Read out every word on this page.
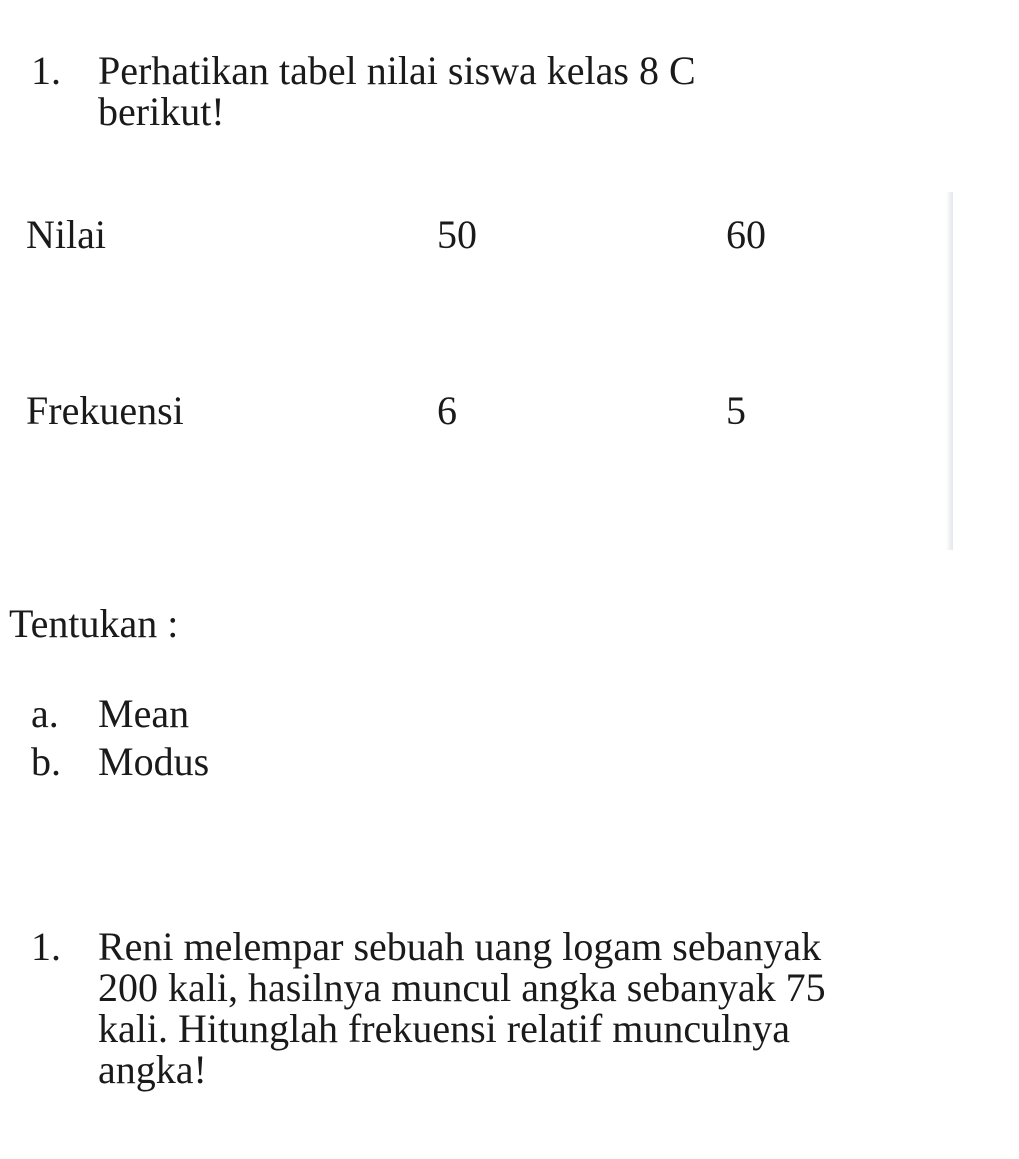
1. Perhatikan tabel nilai siswa kelas 8 C
berikut!
Nilai	50	60
Frekuensi	6	5
Tentukan :
a. Mean
b. Modus
1. Reni melempar sebuah uang logam sebanyak
200 kali, hasilnya muncul angka sebanyak 75
kali. Hitunglah frekuensi relatif munculnya
angka!
